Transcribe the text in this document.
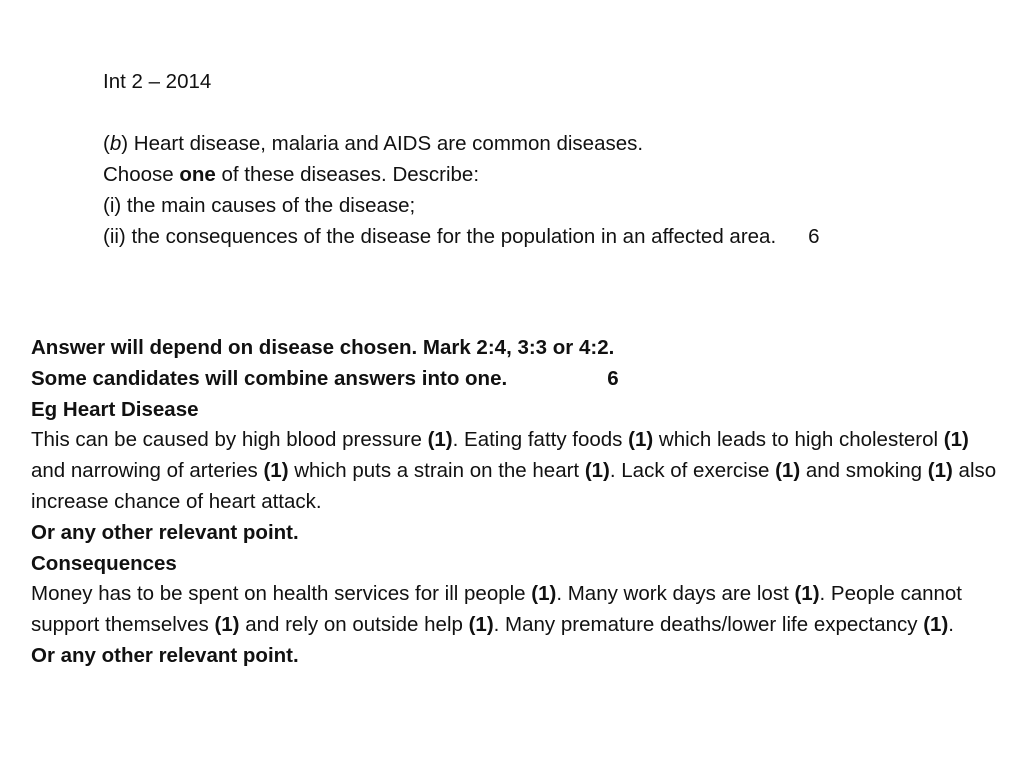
Int 2 – 2014
(b) Heart disease, malaria and AIDS are common diseases.
Choose one of these diseases. Describe:
(i) the main causes of the disease;
(ii) the consequences of the disease for the population in an affected area. 6
Answer will depend on disease chosen. Mark 2:4, 3:3 or 4:2.
Some candidates will combine answers into one.	6
Eg Heart Disease
This can be caused by high blood pressure (1). Eating fatty foods (1) which leads to high cholesterol (1) and narrowing of arteries (1) which puts a strain on the heart (1). Lack of exercise (1) and smoking (1) also increase chance of heart attack.
Or any other relevant point.
Consequences
Money has to be spent on health services for ill people (1). Many work days are lost (1). People cannot support themselves (1) and rely on outside help (1). Many premature deaths/lower life expectancy (1).
Or any other relevant point.
